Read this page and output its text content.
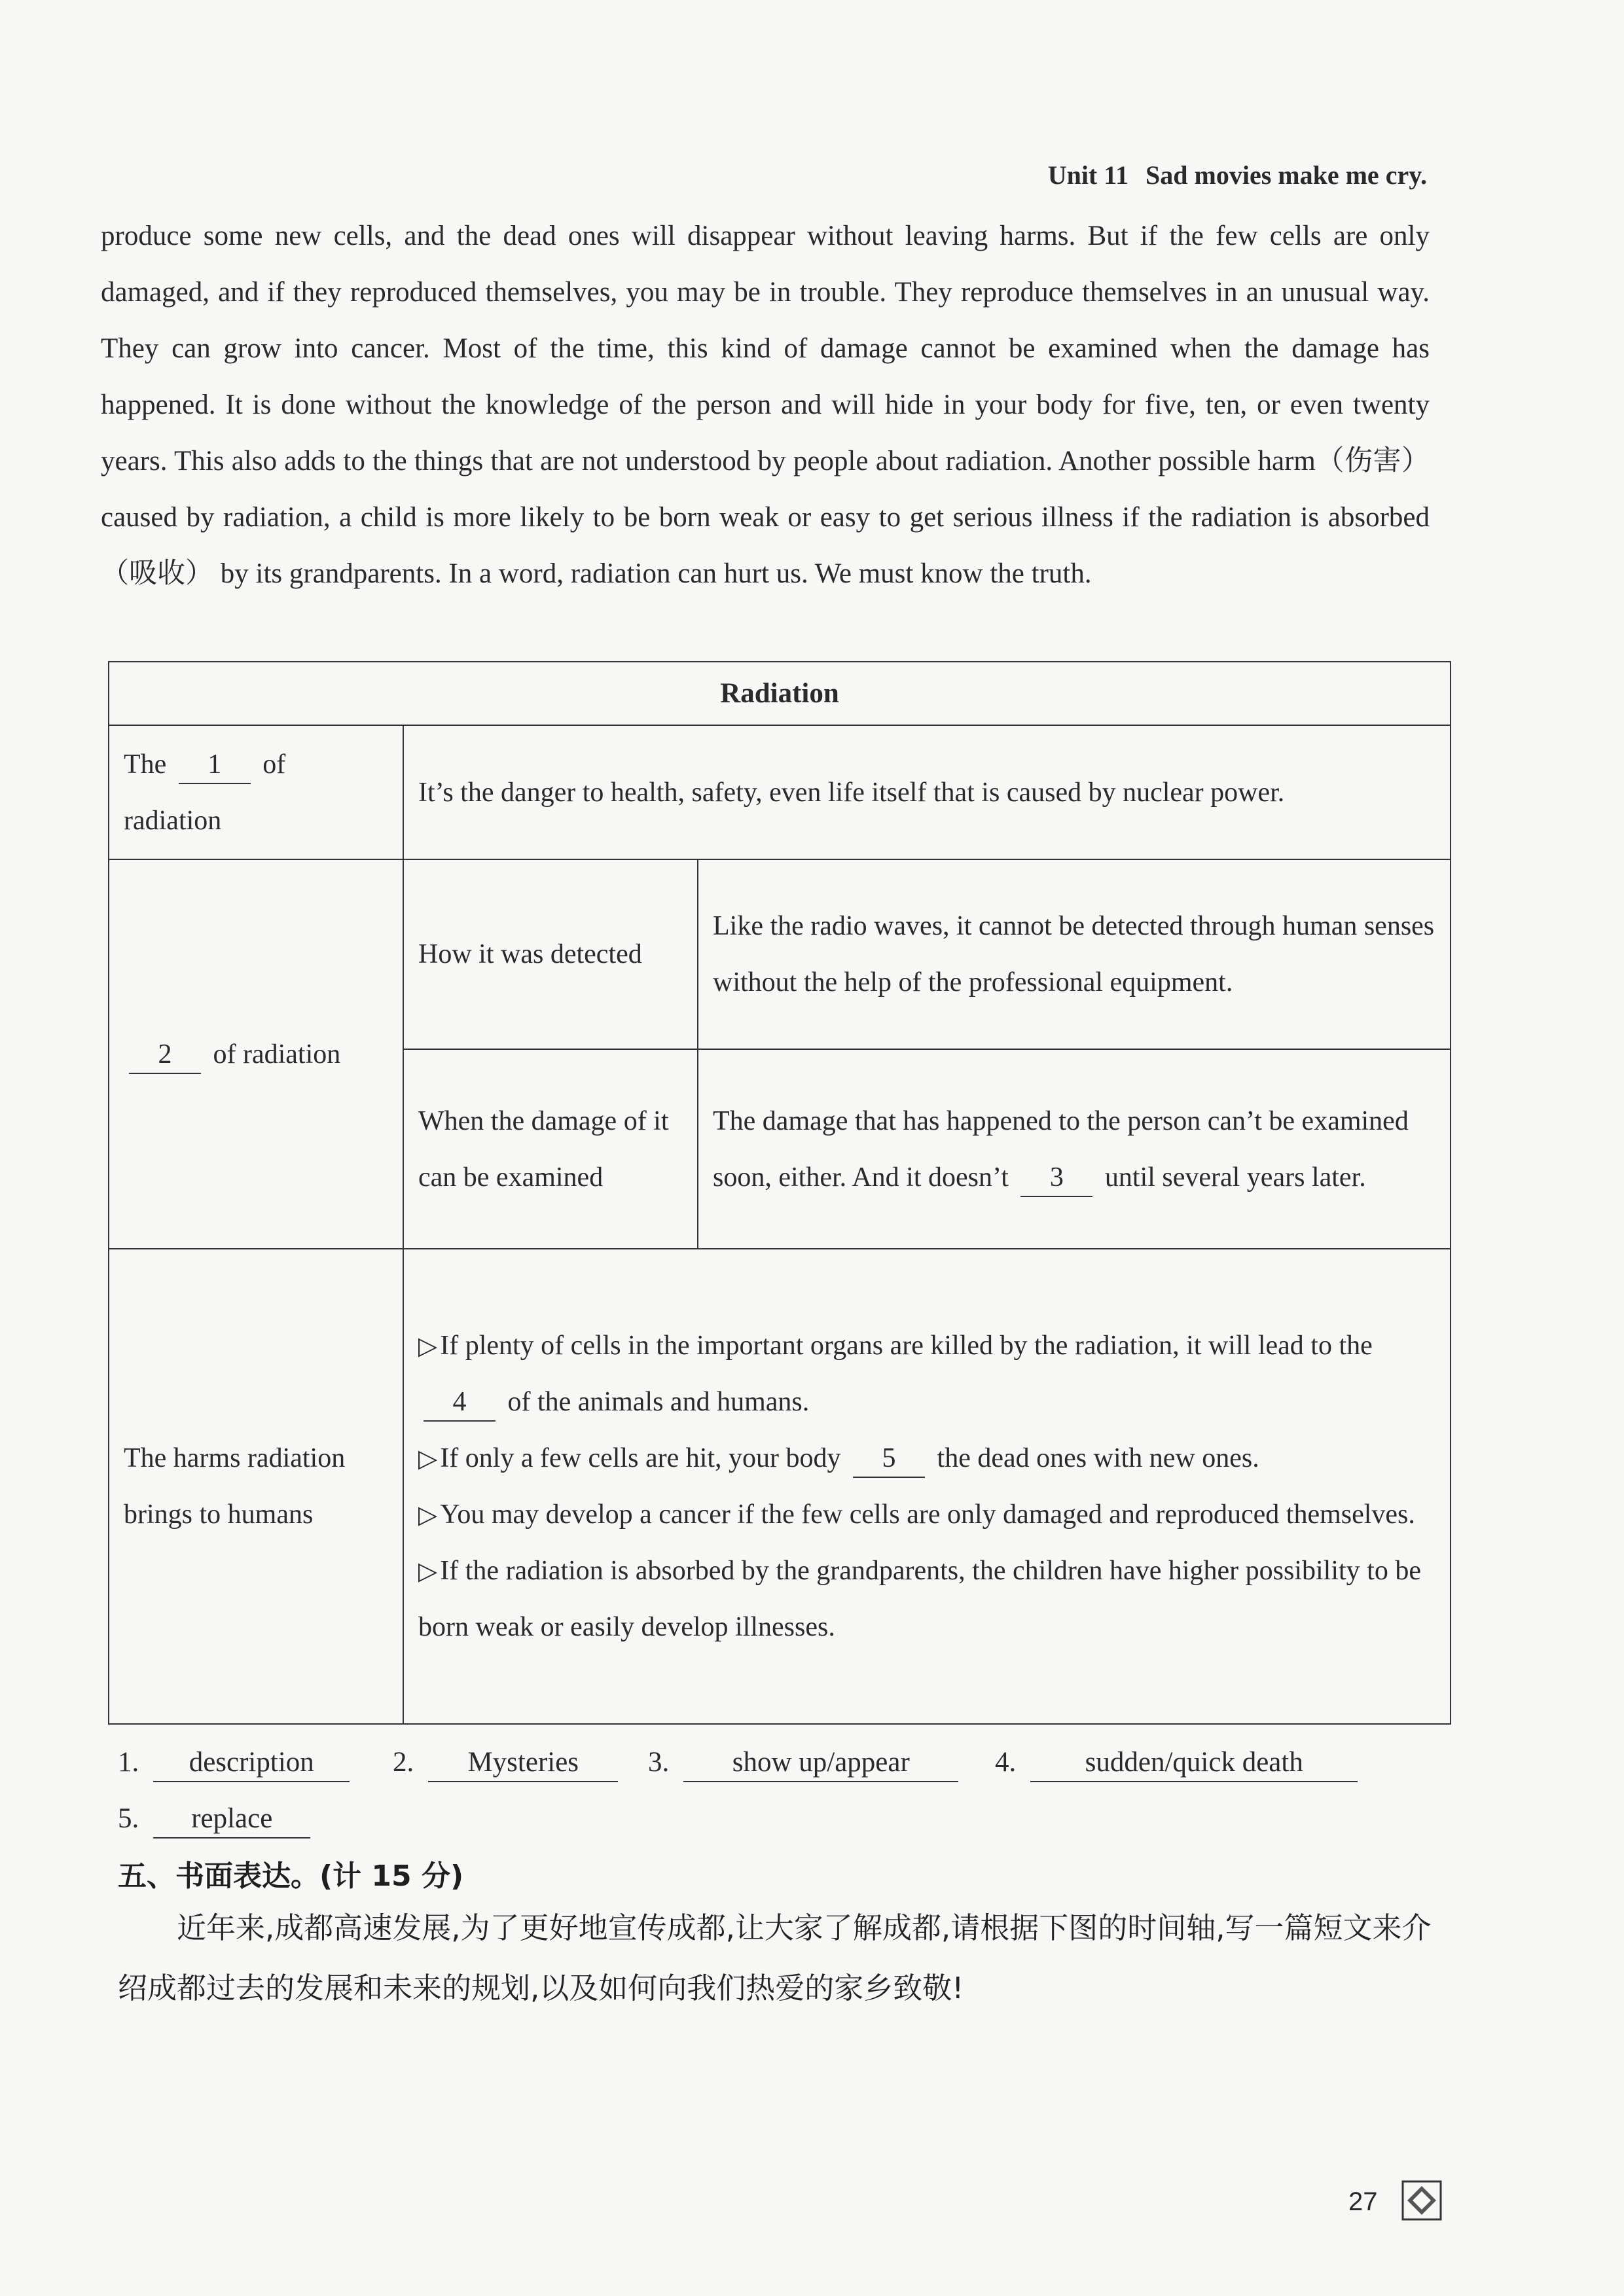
Unit 11 Sad movies make me cry.

produce some new cells, and the dead ones will disappear without leaving harms. But if the few cells are only damaged, and if they reproduced themselves, you may be in trouble. They reproduce themselves in an unusual way. They can grow into cancer. Most of the time, this kind of damage cannot be examined when the damage has happened. It is done without the knowledge of the person and will hide in your body for five, ten, or even twenty years. This also adds to the things that are not understood by people about radiation. Another possible harm（伤害） caused by radiation, a child is more likely to be born weak or easy to get serious illness if the radiation is absorbed（吸收） by its grandparents. In a word, radiation can hurt us. We must know the truth.

Radiation		
The 1 of radiation	It’s the danger to health, safety, even life itself that is caused by nuclear power.	
2 of radiation	How it was detected	Like the radio waves, it cannot be detected through human senses without the help of the professional equipment.
	When the damage of it can be examined	The damage that has happened to the person can’t be examined soon, either. And it doesn’t 3 until several years later.
The harms radiation brings to humans	▷If plenty of cells in the important organs are killed by the radiation, it will lead to the 4 of the animals and humans.

▷If only a few cells are hit, your body 5 the dead ones with new ones.

▷You may develop a cancer if the few cells are only damaged and reproduced themselves.

▷If the radiation is absorbed by the grandparents, the children have higher possibility to be born weak or easily develop illnesses.	

1.	description	2.	Mysteries	3.	show up/appear	4.	sudden/quick death
5.	replace
五、书面表达。(计 15 分)
近年来,成都高速发展,为了更好地宣传成都,让大家了解成都,请根据下图的时间轴,写一篇短文来介绍成都过去的发展和未来的规划,以及如何向我们热爱的家乡致敬!
27
